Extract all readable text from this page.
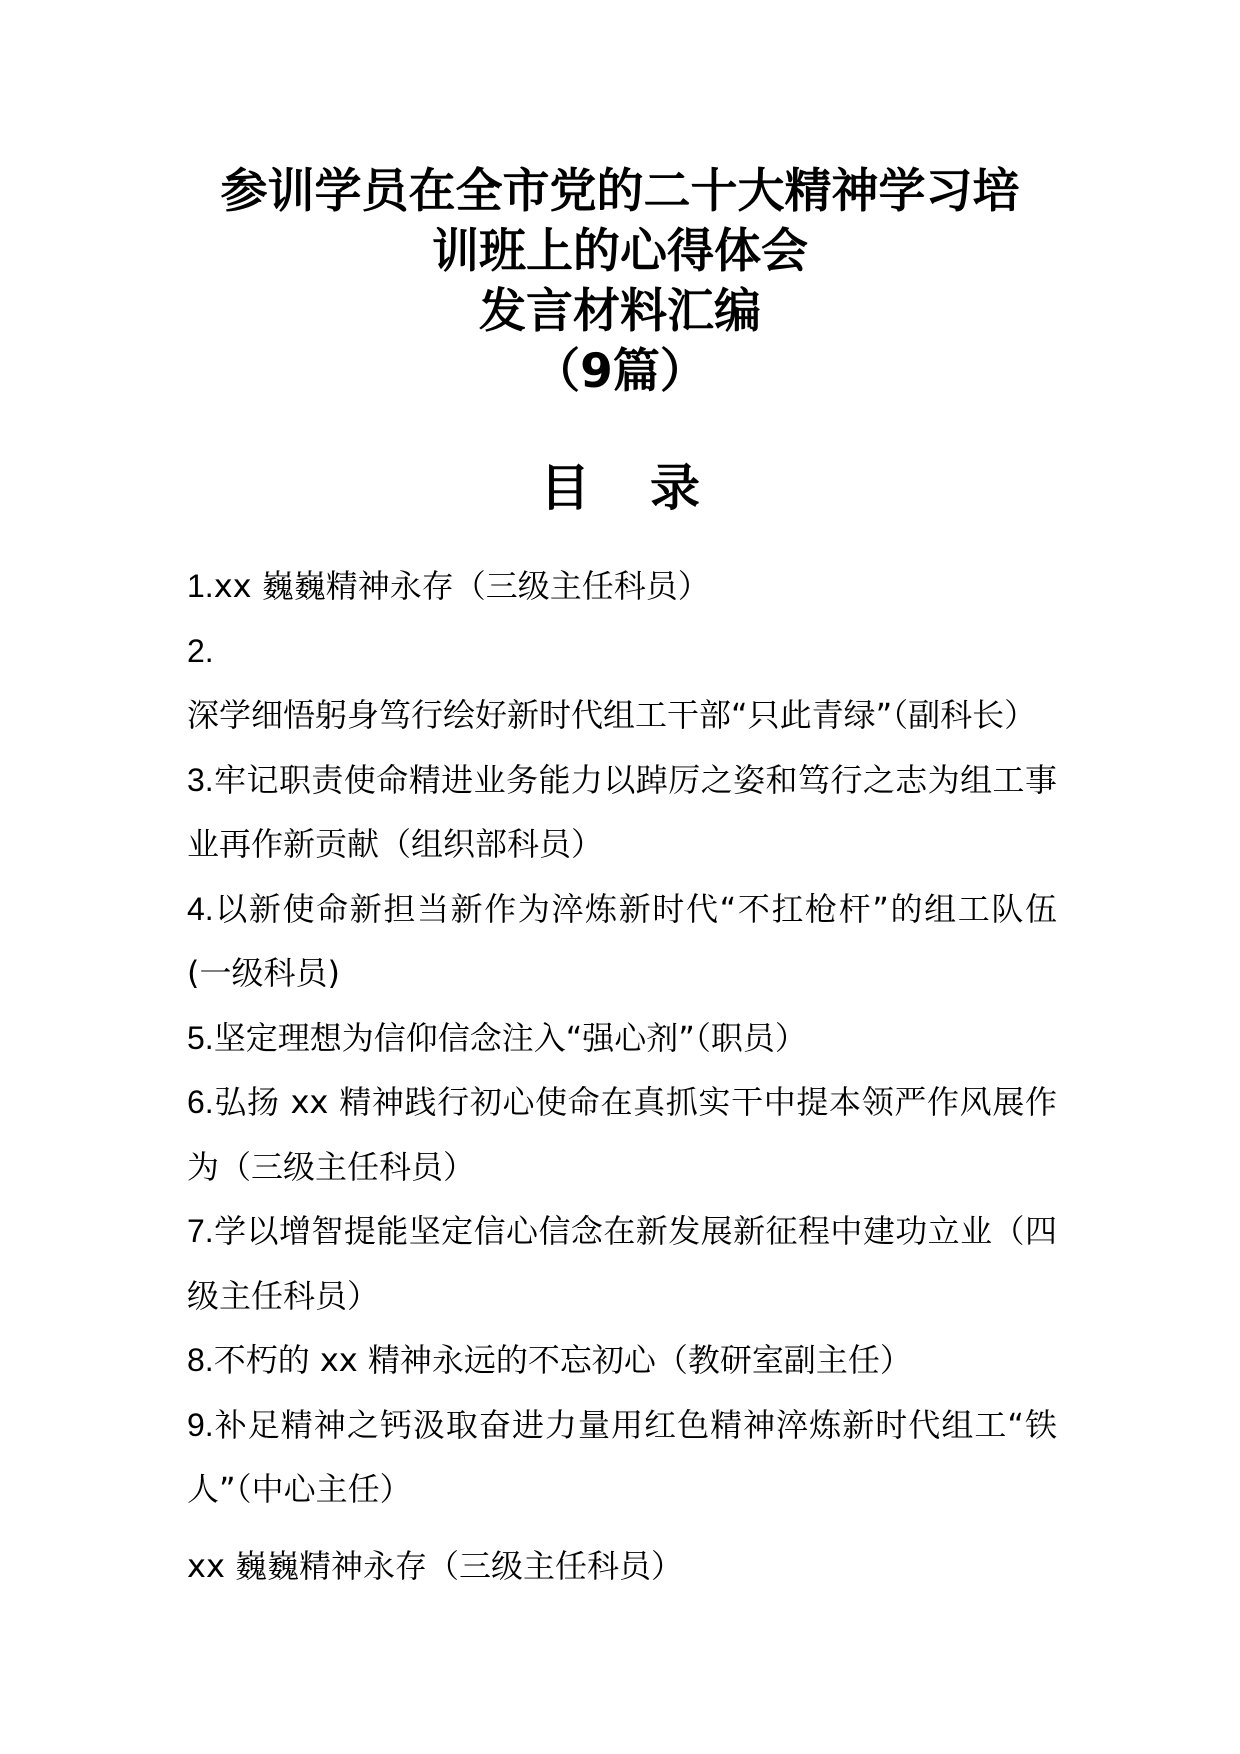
参训学员在全市党的二十大精神学习培
训班上的心得体会
发言材料汇编
（9篇）
目 录
1.xx 巍巍精神永存（三级主任科员）
2.深学细悟躬身笃行绘好新时代组工干部“只此青绿”（副科长）
3.牢记职责使命精进业务能力以踔厉之姿和笃行之志为组工事业再作新贡献（组织部科员）
4.以新使命新担当新作为淬炼新时代“不扛枪杆”的组工队伍(一级科员)
5.坚定理想为信仰信念注入“强心剂”（职员）
6.弘扬 xx 精神践行初心使命在真抓实干中提本领严作风展作为（三级主任科员）
7.学以增智提能坚定信心信念在新发展新征程中建功立业（四级主任科员）
8.不朽的 xx 精神永远的不忘初心（教研室副主任）
9.补足精神之钙汲取奋进力量用红色精神淬炼新时代组工“铁人”（中心主任）
xx 巍巍精神永存（三级主任科员）
